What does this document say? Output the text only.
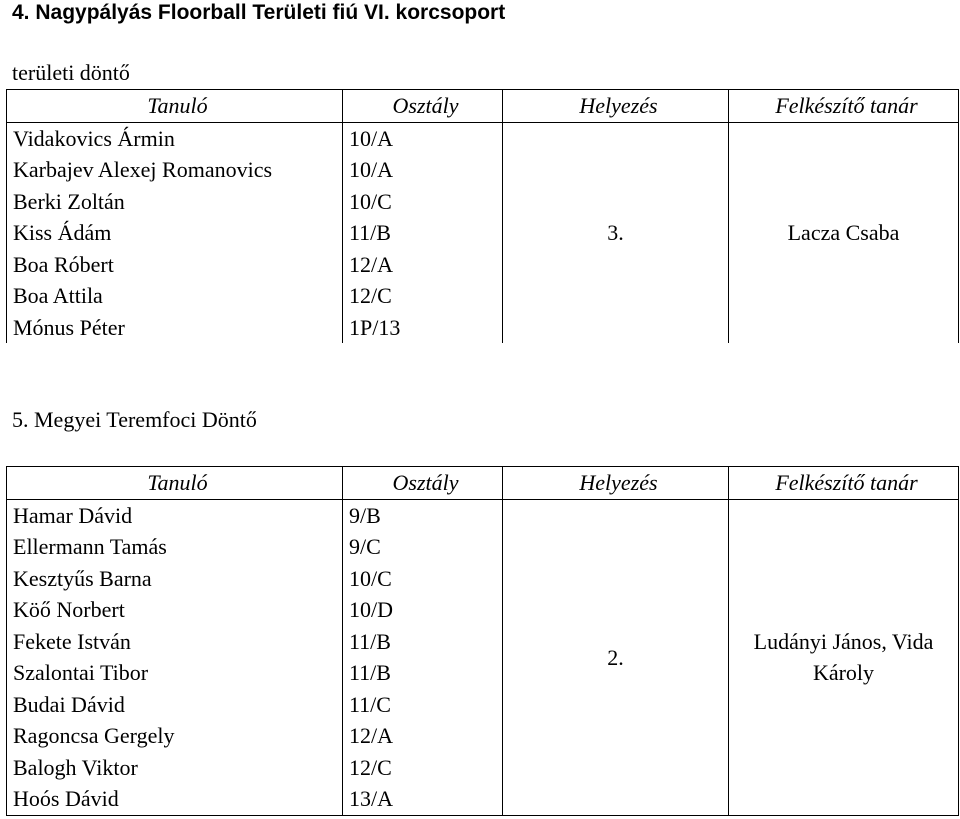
4. Nagypályás Floorball Területi fiú VI. korcsoport
területi döntő
Tanuló	Osztály	Helyezés	Felkészítő tanár
Vidakovics Ármin	10/A	3.	Lacza Csaba

Karbajev Alexej Romanovics	10/A		
Berki Zoltán	10/C		
Kiss Ádám	11/B		
Boa Róbert	12/A		
Boa Attila	12/C		
Mónus Péter	1P/13		
5. Megyei Teremfoci Döntő
Tanuló	Osztály	Helyezés	Felkészítő tanár
Hamar Dávid	9/B	2.	Ludányi János, Vida Károly

Ellermann Tamás	9/C		
Kesztyűs Barna	10/C		
Köő Norbert	10/D		
Fekete István	11/B		
Szalontai Tibor	11/B		
Budai Dávid	11/C		
Ragoncsa Gergely	12/A		
Balogh Viktor	12/C		
Hoós Dávid	13/A		
